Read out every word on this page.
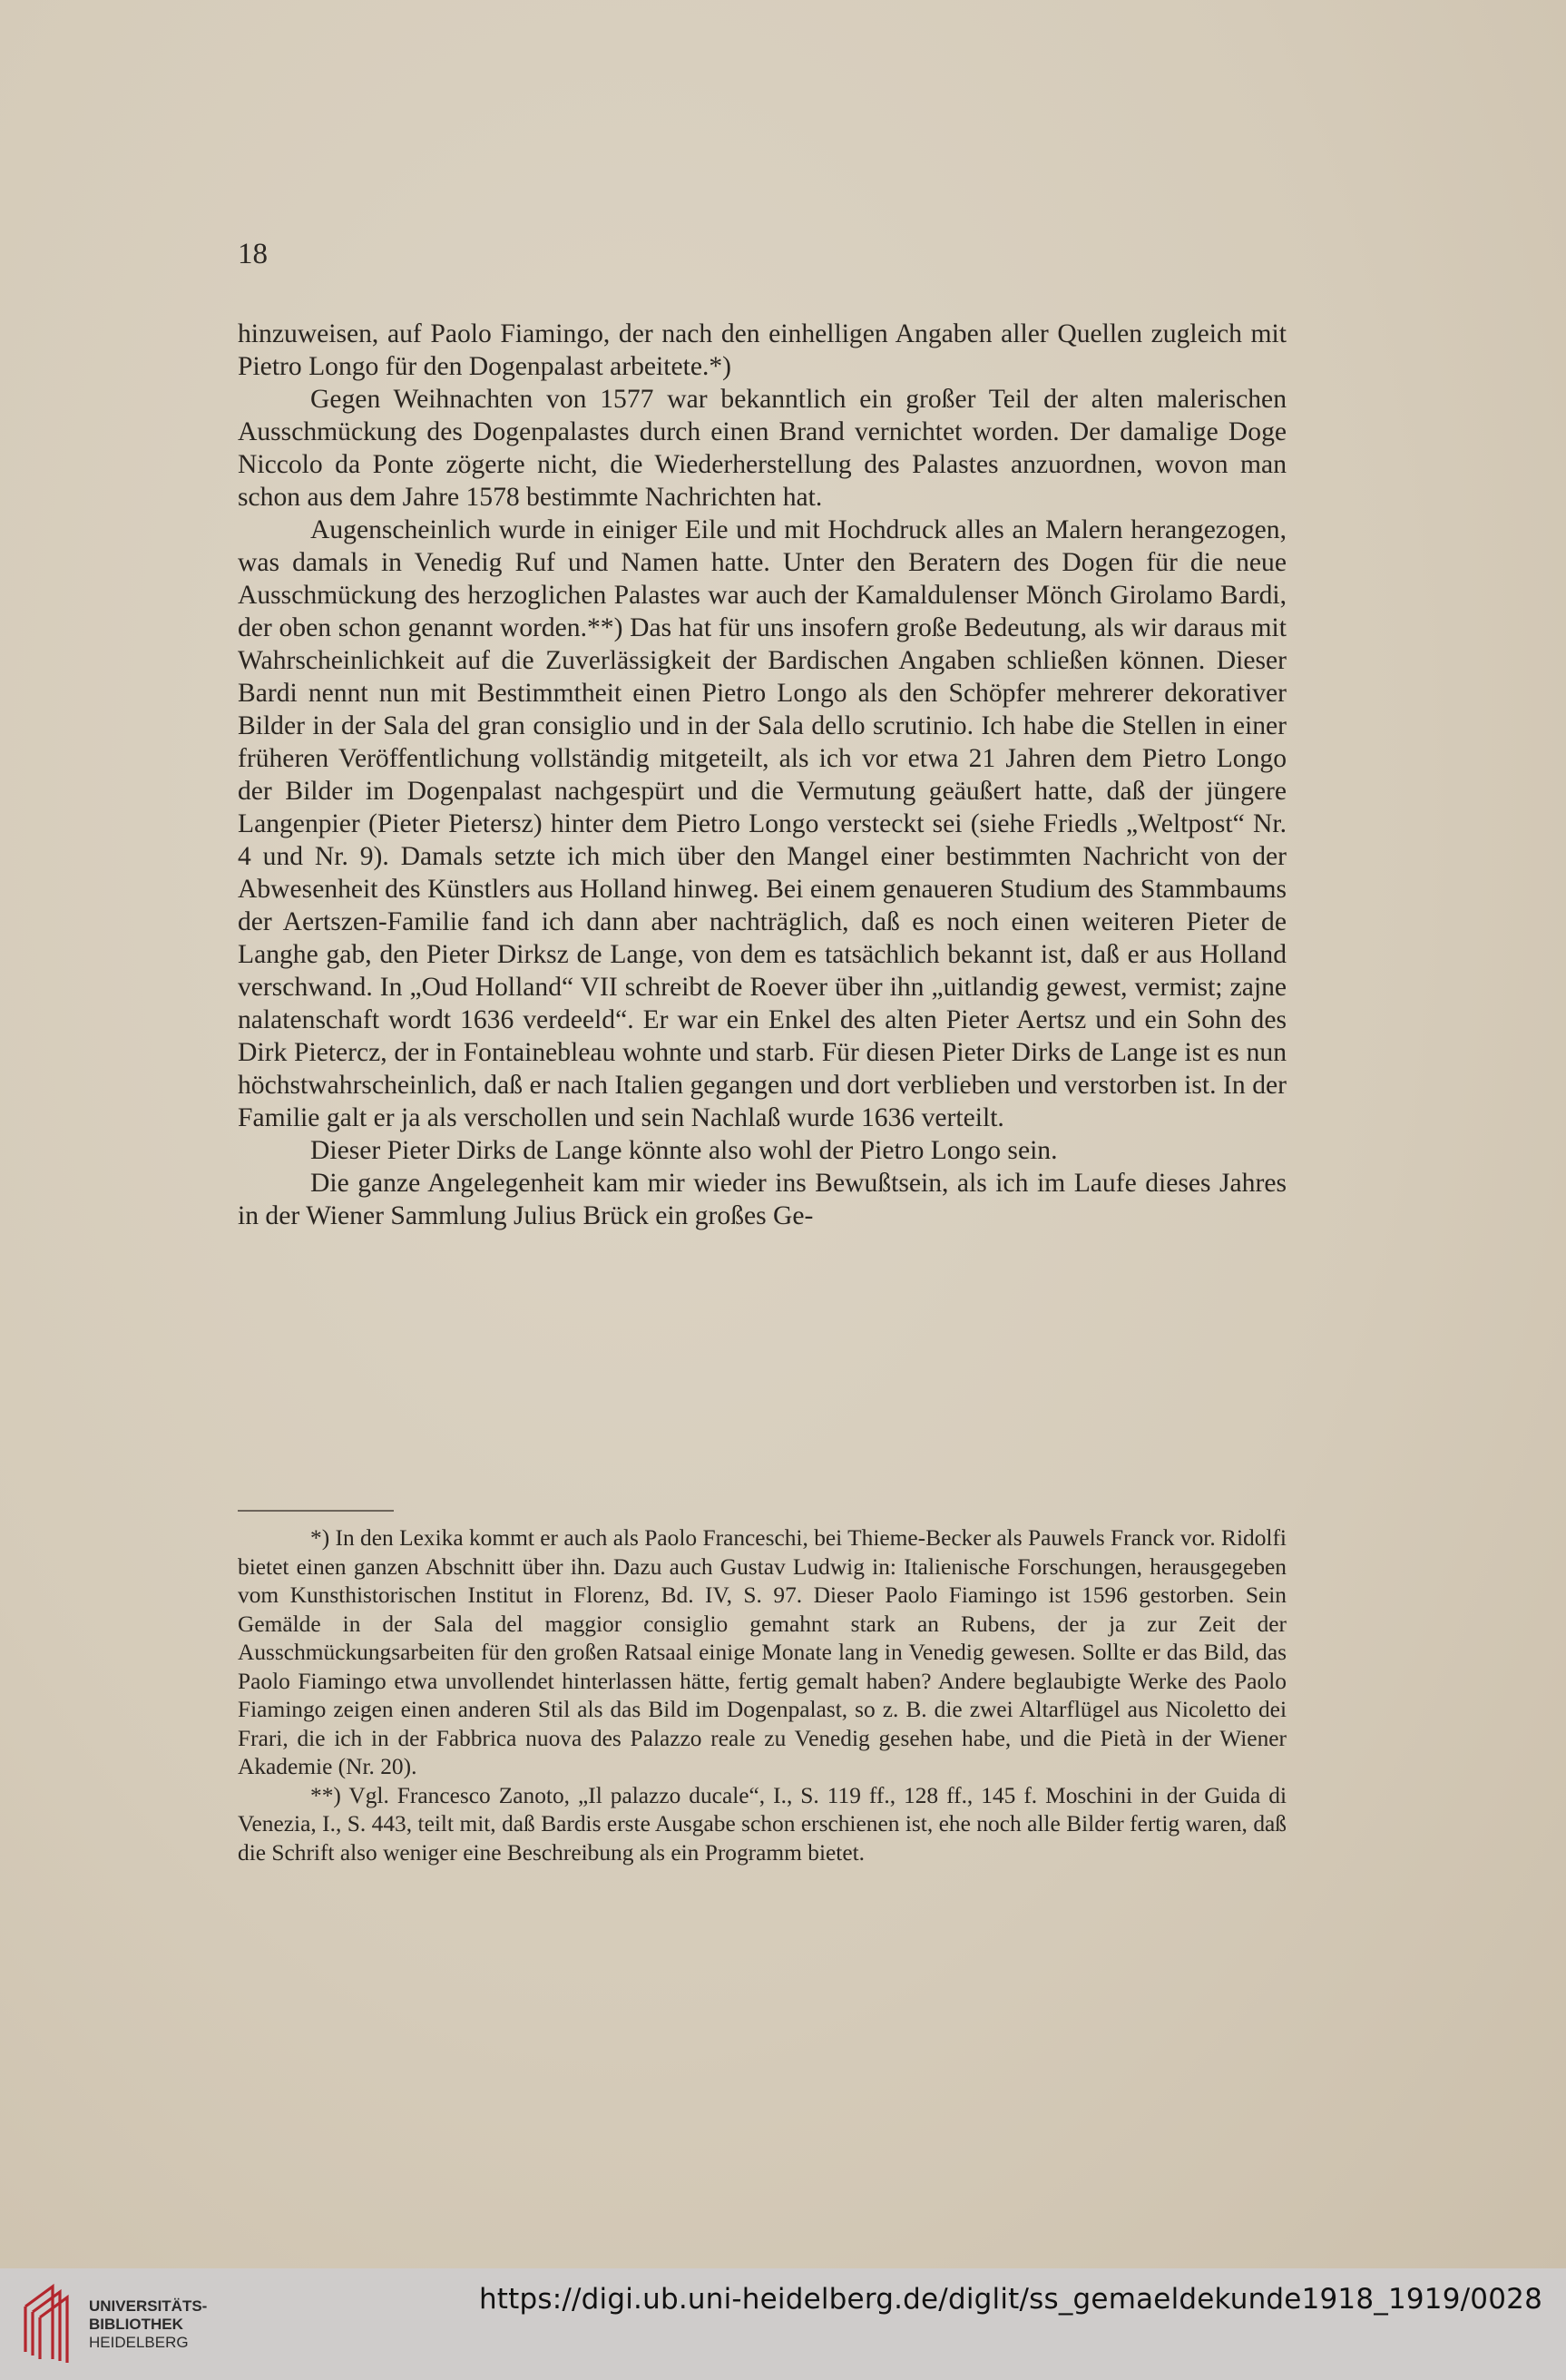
18

hinzuweisen, auf Paolo Fiamingo, der nach den einhelligen Angaben aller Quellen zugleich mit Pietro Longo für den Dogenpalast arbeitete.*)

Gegen Weihnachten von 1577 war bekanntlich ein großer Teil der alten malerischen Ausschmückung des Dogenpalastes durch einen Brand vernichtet worden. Der damalige Doge Niccolo da Ponte zögerte nicht, die Wiederherstellung des Palastes anzuordnen, wovon man schon aus dem Jahre 1578 bestimmte Nachrichten hat.

Augenscheinlich wurde in einiger Eile und mit Hochdruck alles an Malern herangezogen, was damals in Venedig Ruf und Namen hatte. Unter den Beratern des Dogen für die neue Ausschmückung des herzoglichen Palastes war auch der Kamaldulenser Mönch Girolamo Bardi, der oben schon genannt worden.**) Das hat für uns insofern große Bedeutung, als wir daraus mit Wahrscheinlichkeit auf die Zuverlässigkeit der Bardischen Angaben schließen können. Dieser Bardi nennt nun mit Bestimmtheit einen Pietro Longo als den Schöpfer mehrerer dekorativer Bilder in der Sala del gran consiglio und in der Sala dello scrutinio. Ich habe die Stellen in einer früheren Veröffentlichung vollständig mitgeteilt, als ich vor etwa 21 Jahren dem Pietro Longo der Bilder im Dogenpalast nachgespürt und die Vermutung geäußert hatte, daß der jüngere Langenpier (Pieter Pietersz) hinter dem Pietro Longo versteckt sei (siehe Friedls „Weltpost“ Nr. 4 und Nr. 9). Damals setzte ich mich über den Mangel einer bestimmten Nachricht von der Abwesenheit des Künstlers aus Holland hinweg. Bei einem genaueren Studium des Stammbaums der Aertszen-Familie fand ich dann aber nachträglich, daß es noch einen weiteren Pieter de Langhe gab, den Pieter Dirksz de Lange, von dem es tatsächlich bekannt ist, daß er aus Holland verschwand. In „Oud Holland“ VII schreibt de Roever über ihn „uitlandig gewest, vermist; zajne nalatenschaft wordt 1636 verdeeld“. Er war ein Enkel des alten Pieter Aertsz und ein Sohn des Dirk Pietercz, der in Fontainebleau wohnte und starb. Für diesen Pieter Dirks de Lange ist es nun höchstwahrscheinlich, daß er nach Italien gegangen und dort verblieben und verstorben ist. In der Familie galt er ja als verschollen und sein Nachlaß wurde 1636 verteilt.

Dieser Pieter Dirks de Lange könnte also wohl der Pietro Longo sein.

Die ganze Angelegenheit kam mir wieder ins Bewußtsein, als ich im Laufe dieses Jahres in der Wiener Sammlung Julius Brück ein großes Ge-

*) In den Lexika kommt er auch als Paolo Franceschi, bei Thieme-Becker als Pauwels Franck vor. Ridolfi bietet einen ganzen Abschnitt über ihn. Dazu auch Gustav Ludwig in: Italienische Forschungen, herausgegeben vom Kunsthistorischen Institut in Florenz, Bd. IV, S. 97. Dieser Paolo Fiamingo ist 1596 gestorben. Sein Gemälde in der Sala del maggior consiglio gemahnt stark an Rubens, der ja zur Zeit der Ausschmückungsarbeiten für den großen Ratsaal einige Monate lang in Venedig gewesen. Sollte er das Bild, das Paolo Fiamingo etwa unvollendet hinterlassen hätte, fertig gemalt haben? Andere beglaubigte Werke des Paolo Fiamingo zeigen einen anderen Stil als das Bild im Dogenpalast, so z. B. die zwei Altarflügel aus Nicoletto dei Frari, die ich in der Fabbrica nuova des Palazzo reale zu Venedig gesehen habe, und die Pietà in der Wiener Akademie (Nr. 20).

**) Vgl. Francesco Zanoto, „Il palazzo ducale“, I., S. 119 ff., 128 ff., 145 f. Moschini in der Guida di Venezia, I., S. 443, teilt mit, daß Bardis erste Ausgabe schon erschienen ist, ehe noch alle Bilder fertig waren, daß die Schrift also weniger eine Beschreibung als ein Programm bietet.

UNIVERSITÄTS-
BIBLIOTHEK
HEIDELBERG
https://digi.ub.uni-heidelberg.de/diglit/ss_gemaeldekunde1918_1919/0028
